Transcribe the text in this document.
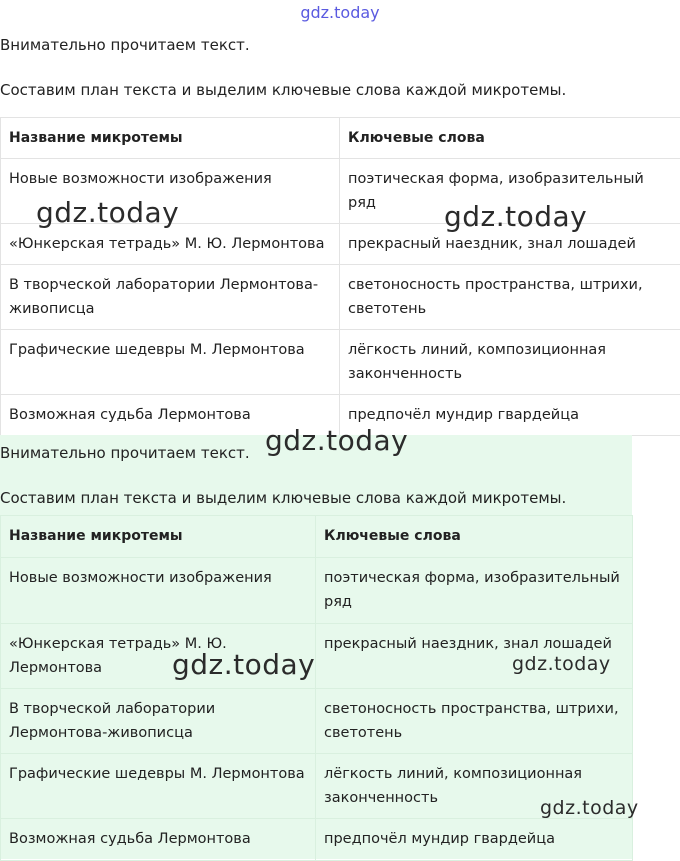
gdz.today

Внимательно прочитаем текст.

Составим план текста и выделим ключевые слова каждой микротемы.

Название микротемы	Ключевые слова
Новые возможности изображения	поэтическая форма, изобразительный ряд
«Юнкерская тетрадь» М. Ю. Лермонтова	прекрасный наездник, знал лошадей
В творческой лаборатории Лермонтова-живописца	светоносность пространства, штрихи, светотень
Графические шедевры М. Лермонтова	лёгкость линий, композиционная законченность
Возможная судьба Лермонтова	предпочёл мундир гвардейца

Внимательно прочитаем текст.

Составим план текста и выделим ключевые слова каждой микротемы.

Название микротемы	Ключевые слова
Новые возможности изображения	поэтическая форма, изобразительный ряд
«Юнкерская тетрадь» М. Ю. Лермонтова	прекрасный наездник, знал лошадей
В творческой лаборатории Лермонтова-живописца	светоносность пространства, штрихи, светотень
Графические шедевры М. Лермонтова	лёгкость линий, композиционная законченность
Возможная судьба Лермонтова	предпочёл мундир гвардейца
gdz.today	gdz.today
gdz.today
gdz.today	gdz.today
gdz.today
